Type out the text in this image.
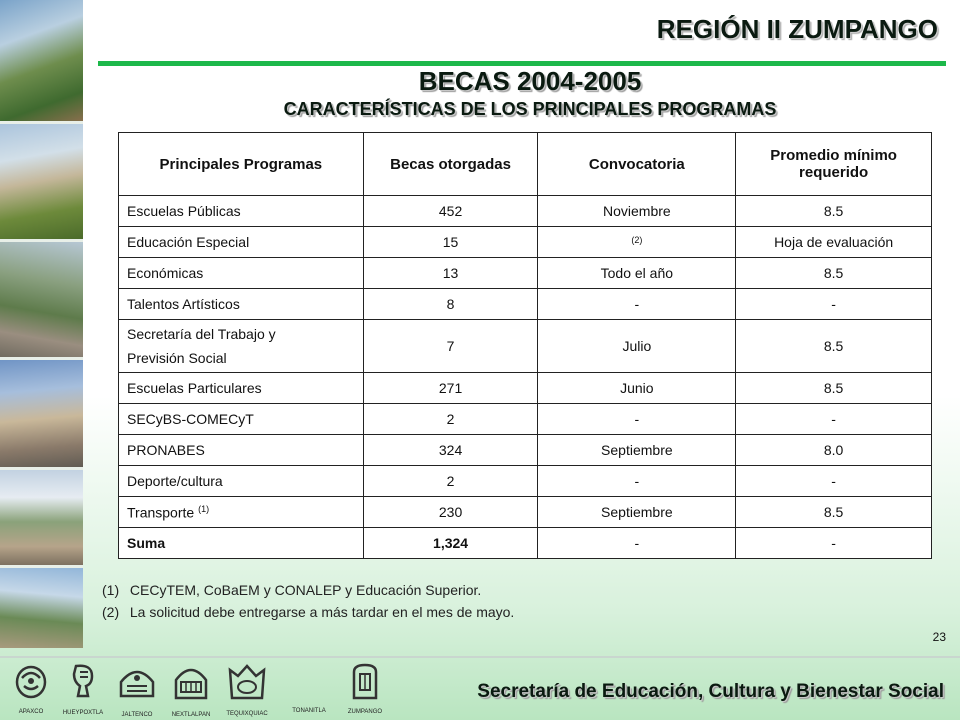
REGIÓN II ZUMPANGO
BECAS 2004-2005
CARACTERÍSTICAS DE LOS PRINCIPALES PROGRAMAS
Principales Programas	Becas otorgadas	Convocatoria	Promedio mínimo requerido
Escuelas Públicas	452	Noviembre	8.5
Educación Especial	15	(2)	Hoja de evaluación
Económicas	13	Todo el año	8.5
Talentos Artísticos	8	-	-
Secretaría del Trabajo y
Previsión Social	7	Julio	8.5
Escuelas Particulares	271	Junio	8.5
SECyBS-COMECyT	2	-	-
PRONABES	324	Septiembre	8.0
Deporte/cultura	2	-	-
Transporte $^{(1)}$	230	Septiembre	8.5
Suma	1,324	-	-
(1) CECyTEM, CoBaEM y CONALEP y Educación Superior.
(2) La solicitud debe entregarse a más tardar en el mes de mayo.
23
APAXCO	HUEYPOXTLA	JALTENCO	NEXTLALPAN	TEQUIXQUIAC	TONANITLA	ZUMPANGO
Secretaría de Educación, Cultura y Bienestar Social
